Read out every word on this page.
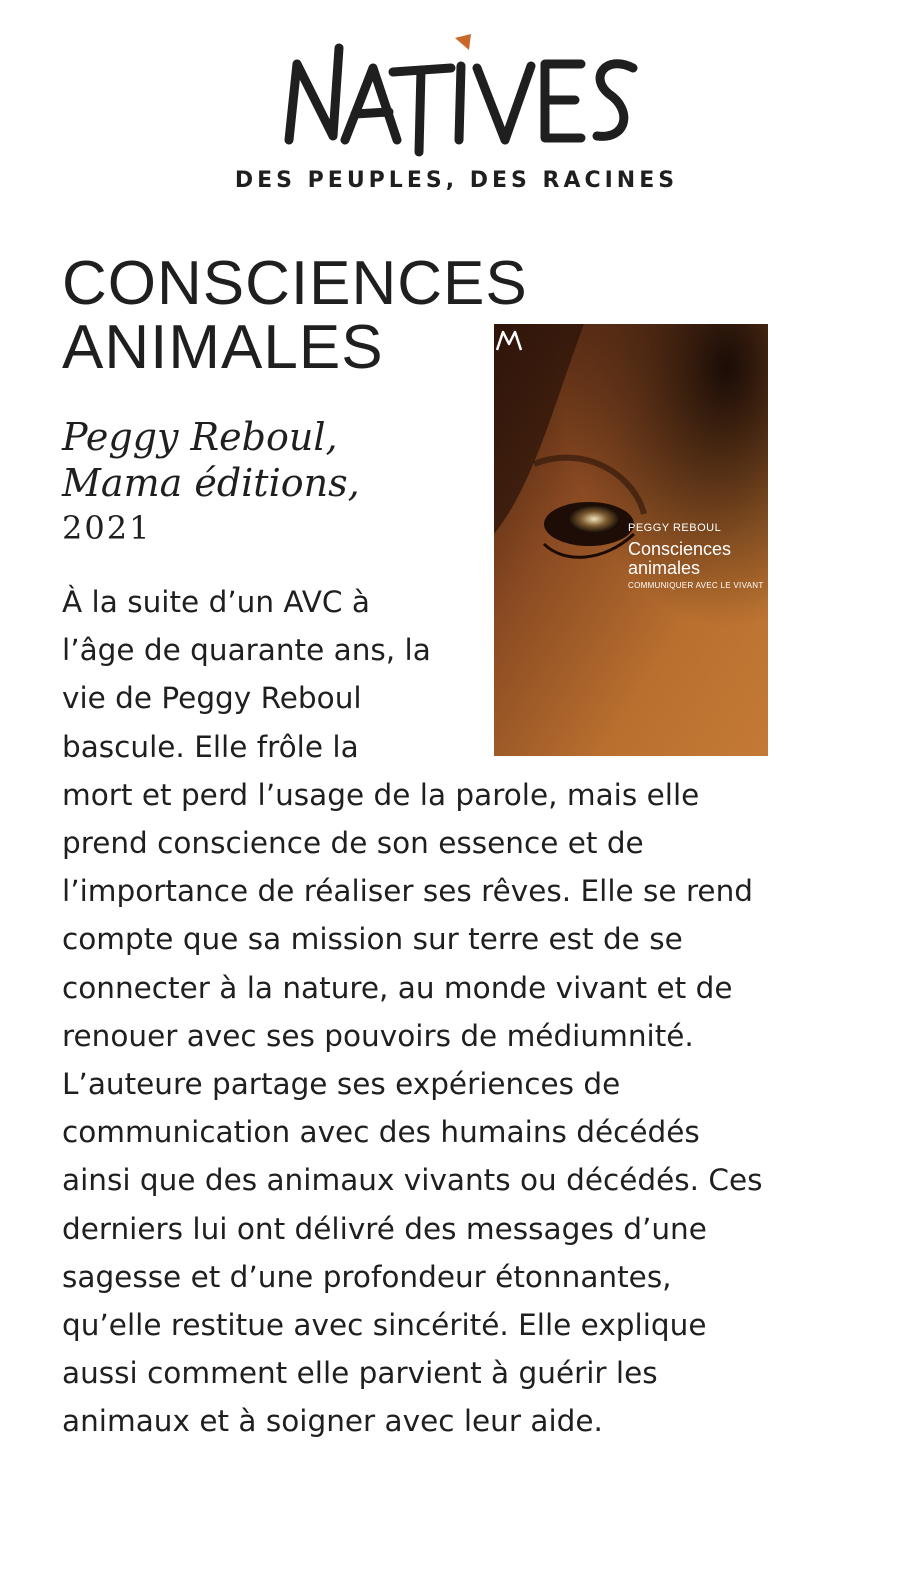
DES PEUPLES, DES RACINES
CONSCIENCES
ANIMALES
Peggy Reboul,
Mama éditions,
2021

À la suite d’un AVC à l’âge de quarante ans, la vie de Peggy Reboul bascule. Elle frôle la mort et perd l’usage de la parole, mais elle prend conscience de son essence et de l’importance de réaliser ses rêves. Elle se rend compte que sa mission sur terre est de se connecter à la nature, au monde vivant et de renouer avec ses pouvoirs de médiumnité. L’auteure partage ses expériences de communication avec des humains décédés ainsi que des animaux vivants ou décédés. Ces derniers lui ont délivré des messages d’une sagesse et d’une profondeur étonnantes, qu’elle restitue avec sincérité. Elle explique aussi comment elle parvient à guérir les animaux et à soigner avec leur aide.

PEGGY REBOUL
Consciences
animales
COMMUNIQUER AVEC LE VIVANT
